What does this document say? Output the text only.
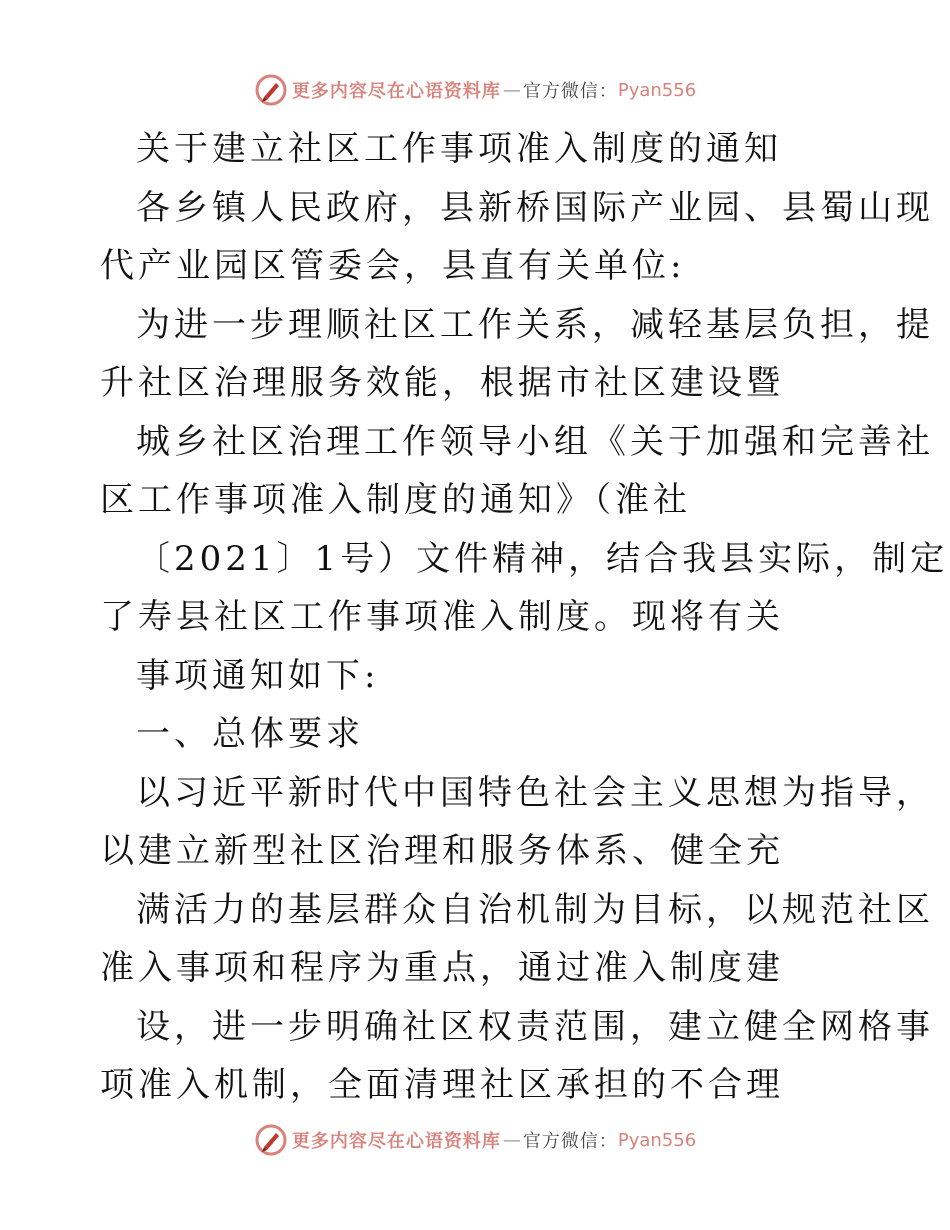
更多内容尽在心语资料库 — 官方微信： Pyan556
关于建立社区工作事项准入制度的通知
各乡镇人民政府，县新桥国际产业园、县蜀山现
代产业园区管委会，县直有关单位:
为进一步理顺社区工作关系，减轻基层负担，提
升社区治理服务效能，根据市社区建设暨
城乡社区治理工作领导小组《关于加强和完善社
区工作事项准入制度的通知》（淮社
〔2021〕1号）文件精神，结合我县实际，制定
了寿县社区工作事项准入制度。现将有关
事项通知如下:
一、总体要求
以习近平新时代中国特色社会主义思想为指导，
以建立新型社区治理和服务体系、健全充
满活力的基层群众自治机制为目标，以规范社区
准入事项和程序为重点，通过准入制度建
设，进一步明确社区权责范围，建立健全网格事
项准入机制，全面清理社区承担的不合理
更多内容尽在心语资料库 — 官方微信： Pyan556
